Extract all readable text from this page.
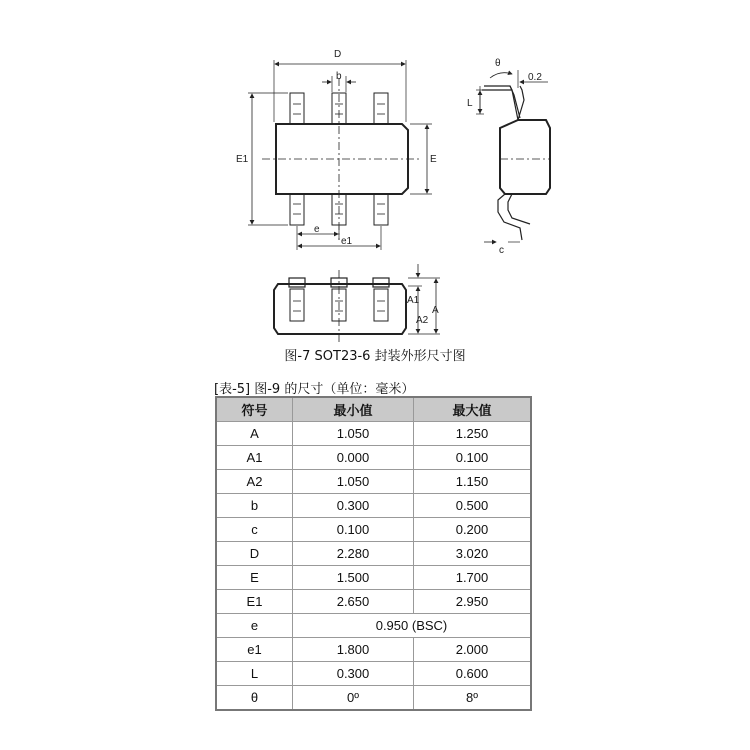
D
b
E1	E
e
e1
θ
0.2
L
c
A1
A2
A
图-7 SOT23-6 封装外形尺寸图
[表-5] 图-9 的尺寸（单位：毫米）
符号	最小值	最大值
A	1.050	1.250
A1	0.000	0.100
A2	1.050	1.150
b	0.300	0.500
c	0.100	0.200
D	2.280	3.020
E	1.500	1.700
E1	2.650	2.950
e	0.950 (BSC)	
e1	1.800	2.000
L	0.300	0.600
θ	0º	8º
